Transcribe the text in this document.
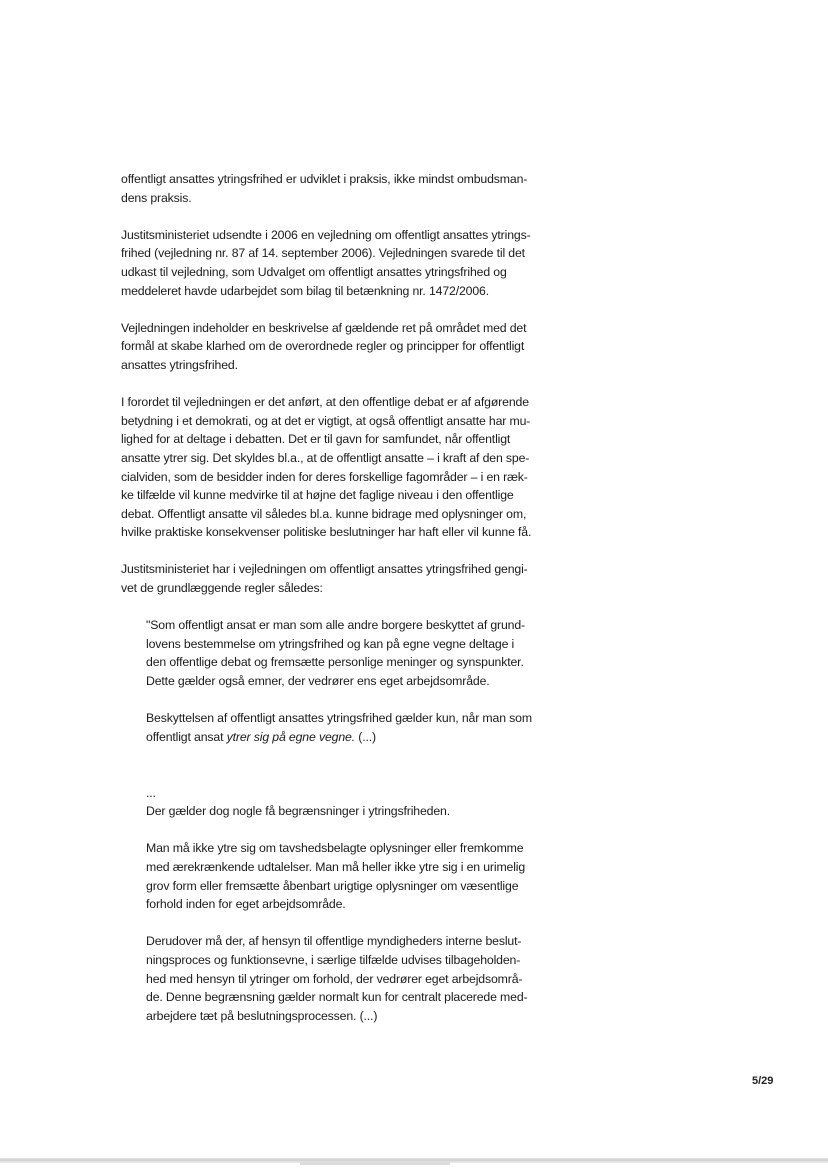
offentligt ansattes ytringsfrihed er udviklet i praksis, ikke mindst ombudsman-
dens praksis.
Justitsministeriet udsendte i 2006 en vejledning om offentligt ansattes ytrings-
frihed (vejledning nr. 87 af 14. september 2006). Vejledningen svarede til det
udkast til vejledning, som Udvalget om offentligt ansattes ytringsfrihed og
meddeleret havde udarbejdet som bilag til betænkning nr. 1472/2006.
Vejledningen indeholder en beskrivelse af gældende ret på området med det
formål at skabe klarhed om de overordnede regler og principper for offentligt
ansattes ytringsfrihed.
I forordet til vejledningen er det anført, at den offentlige debat er af afgørende
betydning i et demokrati, og at det er vigtigt, at også offentligt ansatte har mu-
lighed for at deltage i debatten. Det er til gavn for samfundet, når offentligt
ansatte ytrer sig. Det skyldes bl.a., at de offentligt ansatte – i kraft af den spe-
cialviden, som de besidder inden for deres forskellige fagområder – i en ræk-
ke tilfælde vil kunne medvirke til at højne det faglige niveau i den offentlige
debat. Offentligt ansatte vil således bl.a. kunne bidrage med oplysninger om,
hvilke praktiske konsekvenser politiske beslutninger har haft eller vil kunne få.
Justitsministeriet har i vejledningen om offentligt ansattes ytringsfrihed gengi-
vet de grundlæggende regler således:
"Som offentligt ansat er man som alle andre borgere beskyttet af grund-
lovens bestemmelse om ytringsfrihed og kan på egne vegne deltage i
den offentlige debat og fremsætte personlige meninger og synspunkter.
Dette gælder også emner, der vedrører ens eget arbejdsområde.
Beskyttelsen af offentligt ansattes ytringsfrihed gælder kun, når man som
offentligt ansat ytrer sig på egne vegne. (...)
...
Der gælder dog nogle få begrænsninger i ytringsfriheden.
Man må ikke ytre sig om tavshedsbelagte oplysninger eller fremkomme
med ærekrænkende udtalelser. Man må heller ikke ytre sig i en urimelig
grov form eller fremsætte åbenbart urigtige oplysninger om væsentlige
forhold inden for eget arbejdsområde.
Derudover må der, af hensyn til offentlige myndigheders interne beslut-
ningsproces og funktionsevne, i særlige tilfælde udvises tilbageholden-
hed med hensyn til ytringer om forhold, der vedrører eget arbejdsområ-
de. Denne begrænsning gælder normalt kun for centralt placerede med-
arbejdere tæt på beslutningsprocessen. (...)
5/29
